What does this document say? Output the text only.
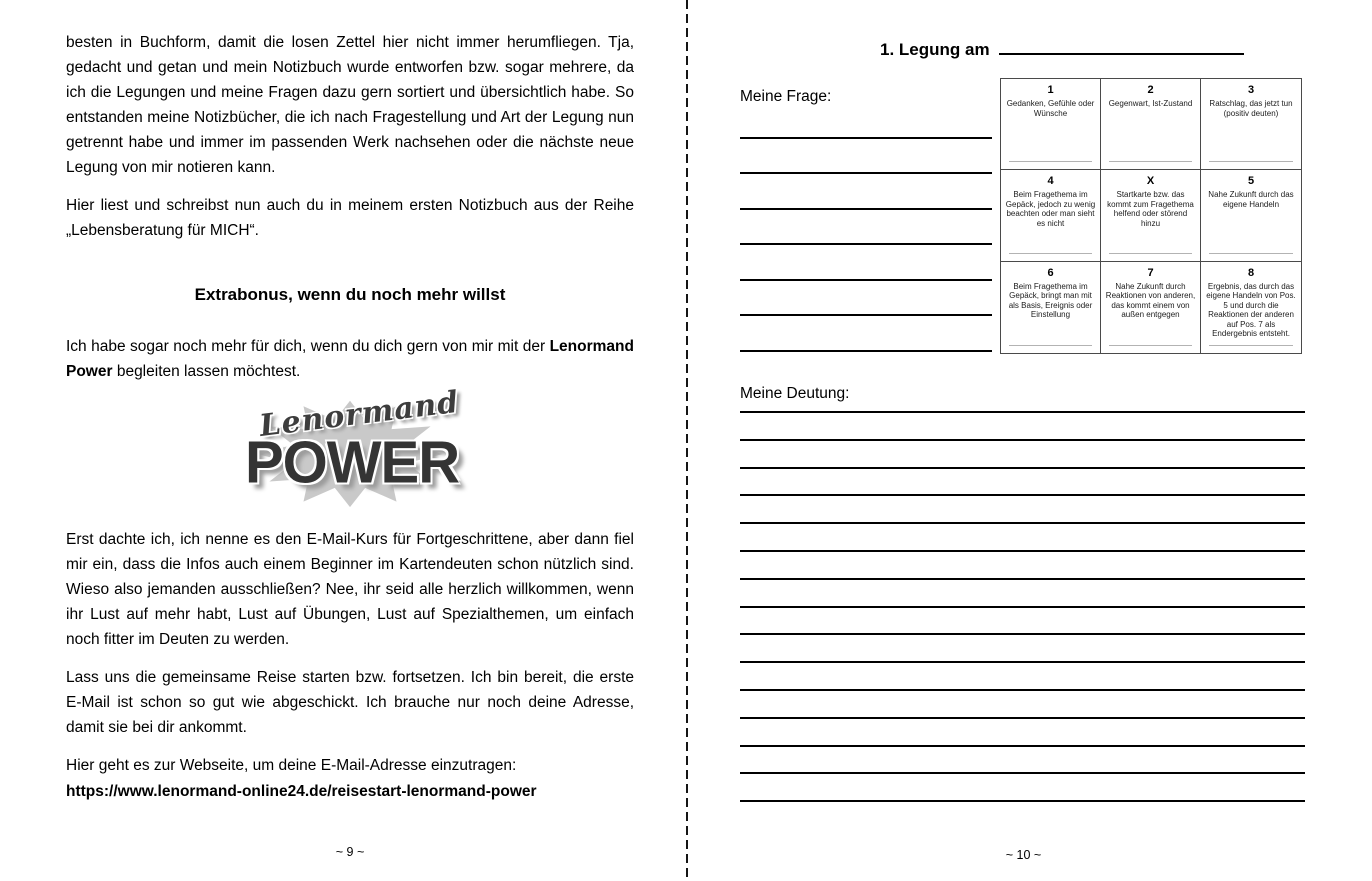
besten in Buchform, damit die losen Zettel hier nicht immer herumfliegen. Tja, gedacht und getan und mein Notizbuch wurde entworfen bzw. sogar mehrere, da ich die Legungen und meine Fragen dazu gern sortiert und übersichtlich habe. So entstanden meine Notizbücher, die ich nach Fragestellung und Art der Legung nun getrennt habe und immer im passenden Werk nachsehen oder die nächste neue Legung von mir notieren kann.

Hier liest und schreibst nun auch du in meinem ersten Notizbuch aus der Reihe „Lebensberatung für MICH“.

Extrabonus, wenn du noch mehr willst

Ich habe sogar noch mehr für dich, wenn du dich gern von mir mit der Lenormand Power begleiten lassen möchtest.

Lenormand
POWER

Erst dachte ich, ich nenne es den E-Mail-Kurs für Fortgeschrittene, aber dann fiel mir ein, dass die Infos auch einem Beginner im Kartendeuten schon nützlich sind. Wieso also jemanden ausschließen? Nee, ihr seid alle herzlich willkommen, wenn ihr Lust auf mehr habt, Lust auf Übungen, Lust auf Spezialthemen, um einfach noch fitter im Deuten zu werden.

Lass uns die gemeinsame Reise starten bzw. fortsetzen. Ich bin bereit, die erste E-Mail ist schon so gut wie abgeschickt. Ich brauche nur noch deine Adresse, damit sie bei dir ankommt.

Hier geht es zur Webseite, um deine E-Mail-Adresse einzutragen:

https://www.lenormand-online24.de/reisestart-lenormand-power

~ 9 ~
1. Legung am
Meine Frage:	1
Gedanken, Gefühle oder Wünsche
2
Gegenwart, Ist-Zustand
3
Ratschlag, das jetzt tun (positiv deuten)
4
Beim Fragethema im Gepäck, jedoch zu wenig beachten oder man sieht es nicht
X
Startkarte bzw. das kommt zum Fragethema helfend oder störend hinzu
5
Nahe Zukunft durch das eigene Handeln
6
Beim Fragethema im Gepäck, bringt man mit als Basis, Ereignis oder Einstellung
7
Nahe Zukunft durch Reaktionen von anderen, das kommt einem von außen entgegen
8
Ergebnis, das durch das eigene Handeln von Pos. 5 und durch die Reaktionen der anderen auf Pos. 7 als Endergebnis entsteht.
Meine Deutung:
~ 10 ~
